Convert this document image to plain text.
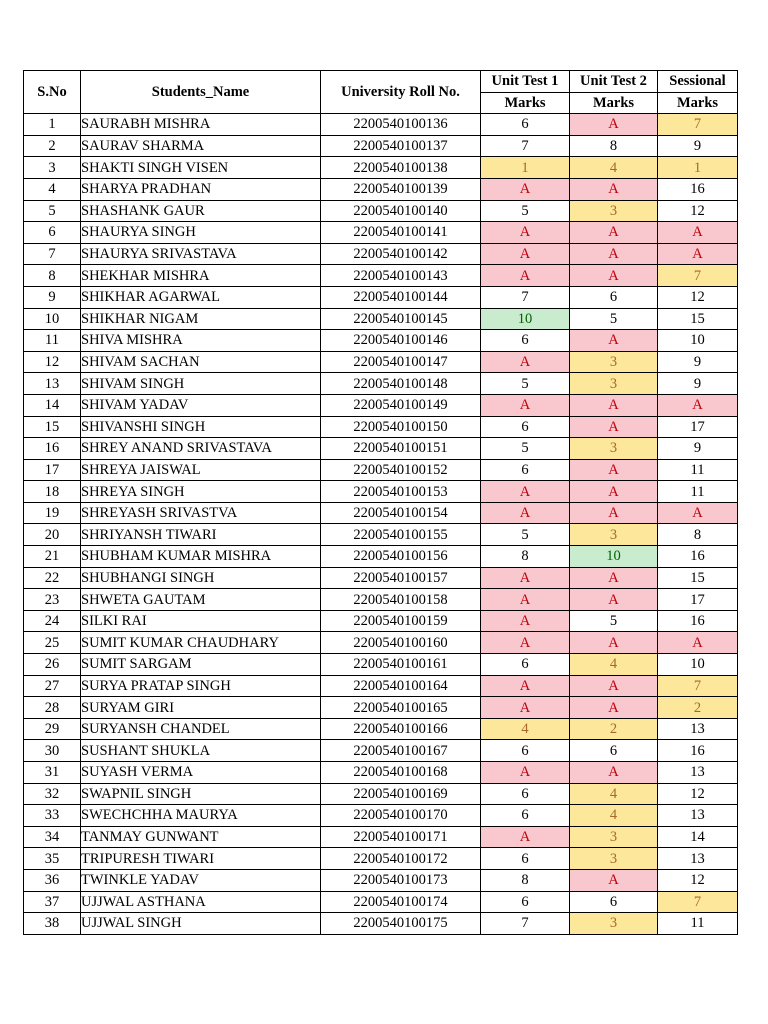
S.No	Students_Name	University Roll No.	Unit Test 1	Unit Test 2	Sessional
			Marks	Marks	Marks
1	SAURABH MISHRA	2200540100136	6	A	7
2	SAURAV SHARMA	2200540100137	7	8	9
3	SHAKTI SINGH VISEN	2200540100138	1	4	1
4	SHARYA PRADHAN	2200540100139	A	A	16
5	SHASHANK GAUR	2200540100140	5	3	12
6	SHAURYA SINGH	2200540100141	A	A	A
7	SHAURYA SRIVASTAVA	2200540100142	A	A	A
8	SHEKHAR MISHRA	2200540100143	A	A	7
9	SHIKHAR AGARWAL	2200540100144	7	6	12
10	SHIKHAR NIGAM	2200540100145	10	5	15
11	SHIVA MISHRA	2200540100146	6	A	10
12	SHIVAM SACHAN	2200540100147	A	3	9
13	SHIVAM SINGH	2200540100148	5	3	9
14	SHIVAM YADAV	2200540100149	A	A	A
15	SHIVANSHI SINGH	2200540100150	6	A	17
16	SHREY ANAND SRIVASTAVA	2200540100151	5	3	9
17	SHREYA JAISWAL	2200540100152	6	A	11
18	SHREYA SINGH	2200540100153	A	A	11
19	SHREYASH SRIVASTVA	2200540100154	A	A	A
20	SHRIYANSH TIWARI	2200540100155	5	3	8
21	SHUBHAM KUMAR MISHRA	2200540100156	8	10	16
22	SHUBHANGI SINGH	2200540100157	A	A	15
23	SHWETA GAUTAM	2200540100158	A	A	17
24	SILKI RAI	2200540100159	A	5	16
25	SUMIT KUMAR CHAUDHARY	2200540100160	A	A	A
26	SUMIT SARGAM	2200540100161	6	4	10
27	SURYA PRATAP SINGH	2200540100164	A	A	7
28	SURYAM GIRI	2200540100165	A	A	2
29	SURYANSH CHANDEL	2200540100166	4	2	13
30	SUSHANT SHUKLA	2200540100167	6	6	16
31	SUYASH VERMA	2200540100168	A	A	13
32	SWAPNIL SINGH	2200540100169	6	4	12
33	SWECHCHHA MAURYA	2200540100170	6	4	13
34	TANMAY GUNWANT	2200540100171	A	3	14
35	TRIPURESH TIWARI	2200540100172	6	3	13
36	TWINKLE YADAV	2200540100173	8	A	12
37	UJJWAL ASTHANA	2200540100174	6	6	7
38	UJJWAL SINGH	2200540100175	7	3	11
